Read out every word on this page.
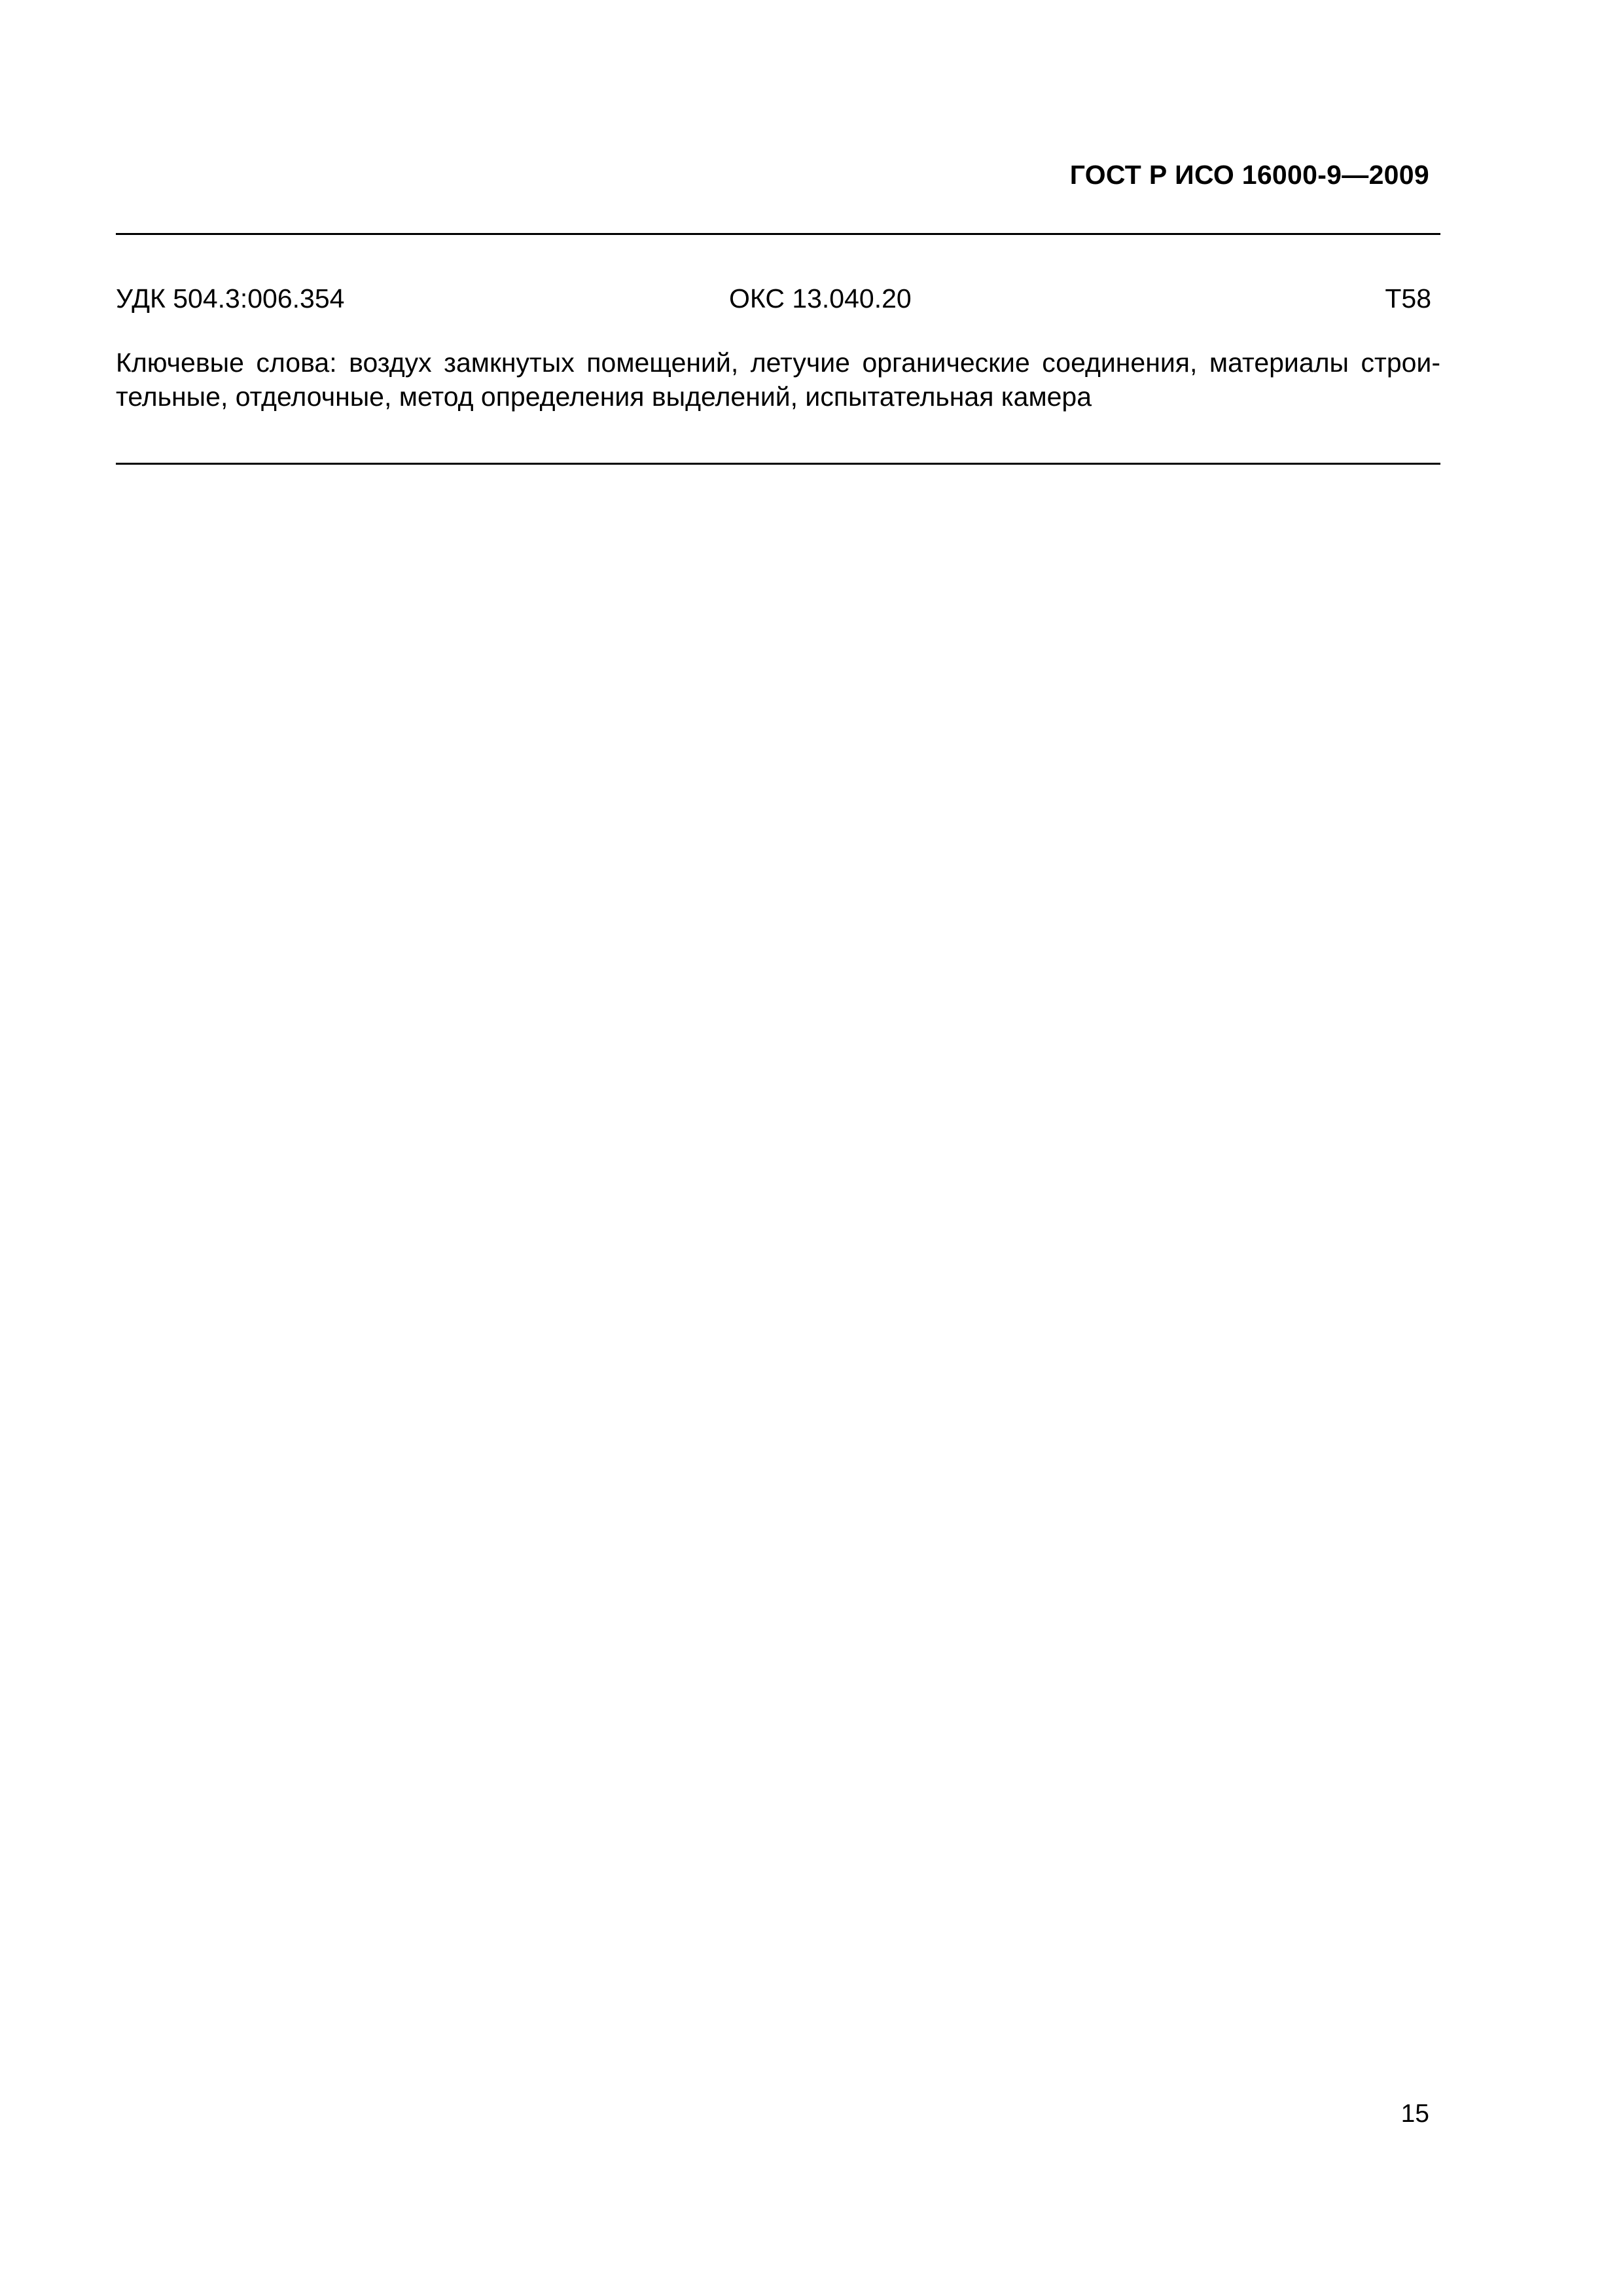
ГОСТ Р ИСО 16000-9—2009
УДК 504.3:006.354	ОКС 13.040.20	Т58
Ключевые слова: воздух замкнутых помещений, летучие органические соединения, материалы строи-
тельные, отделочные, метод определения выделений, испытательная камера
15
